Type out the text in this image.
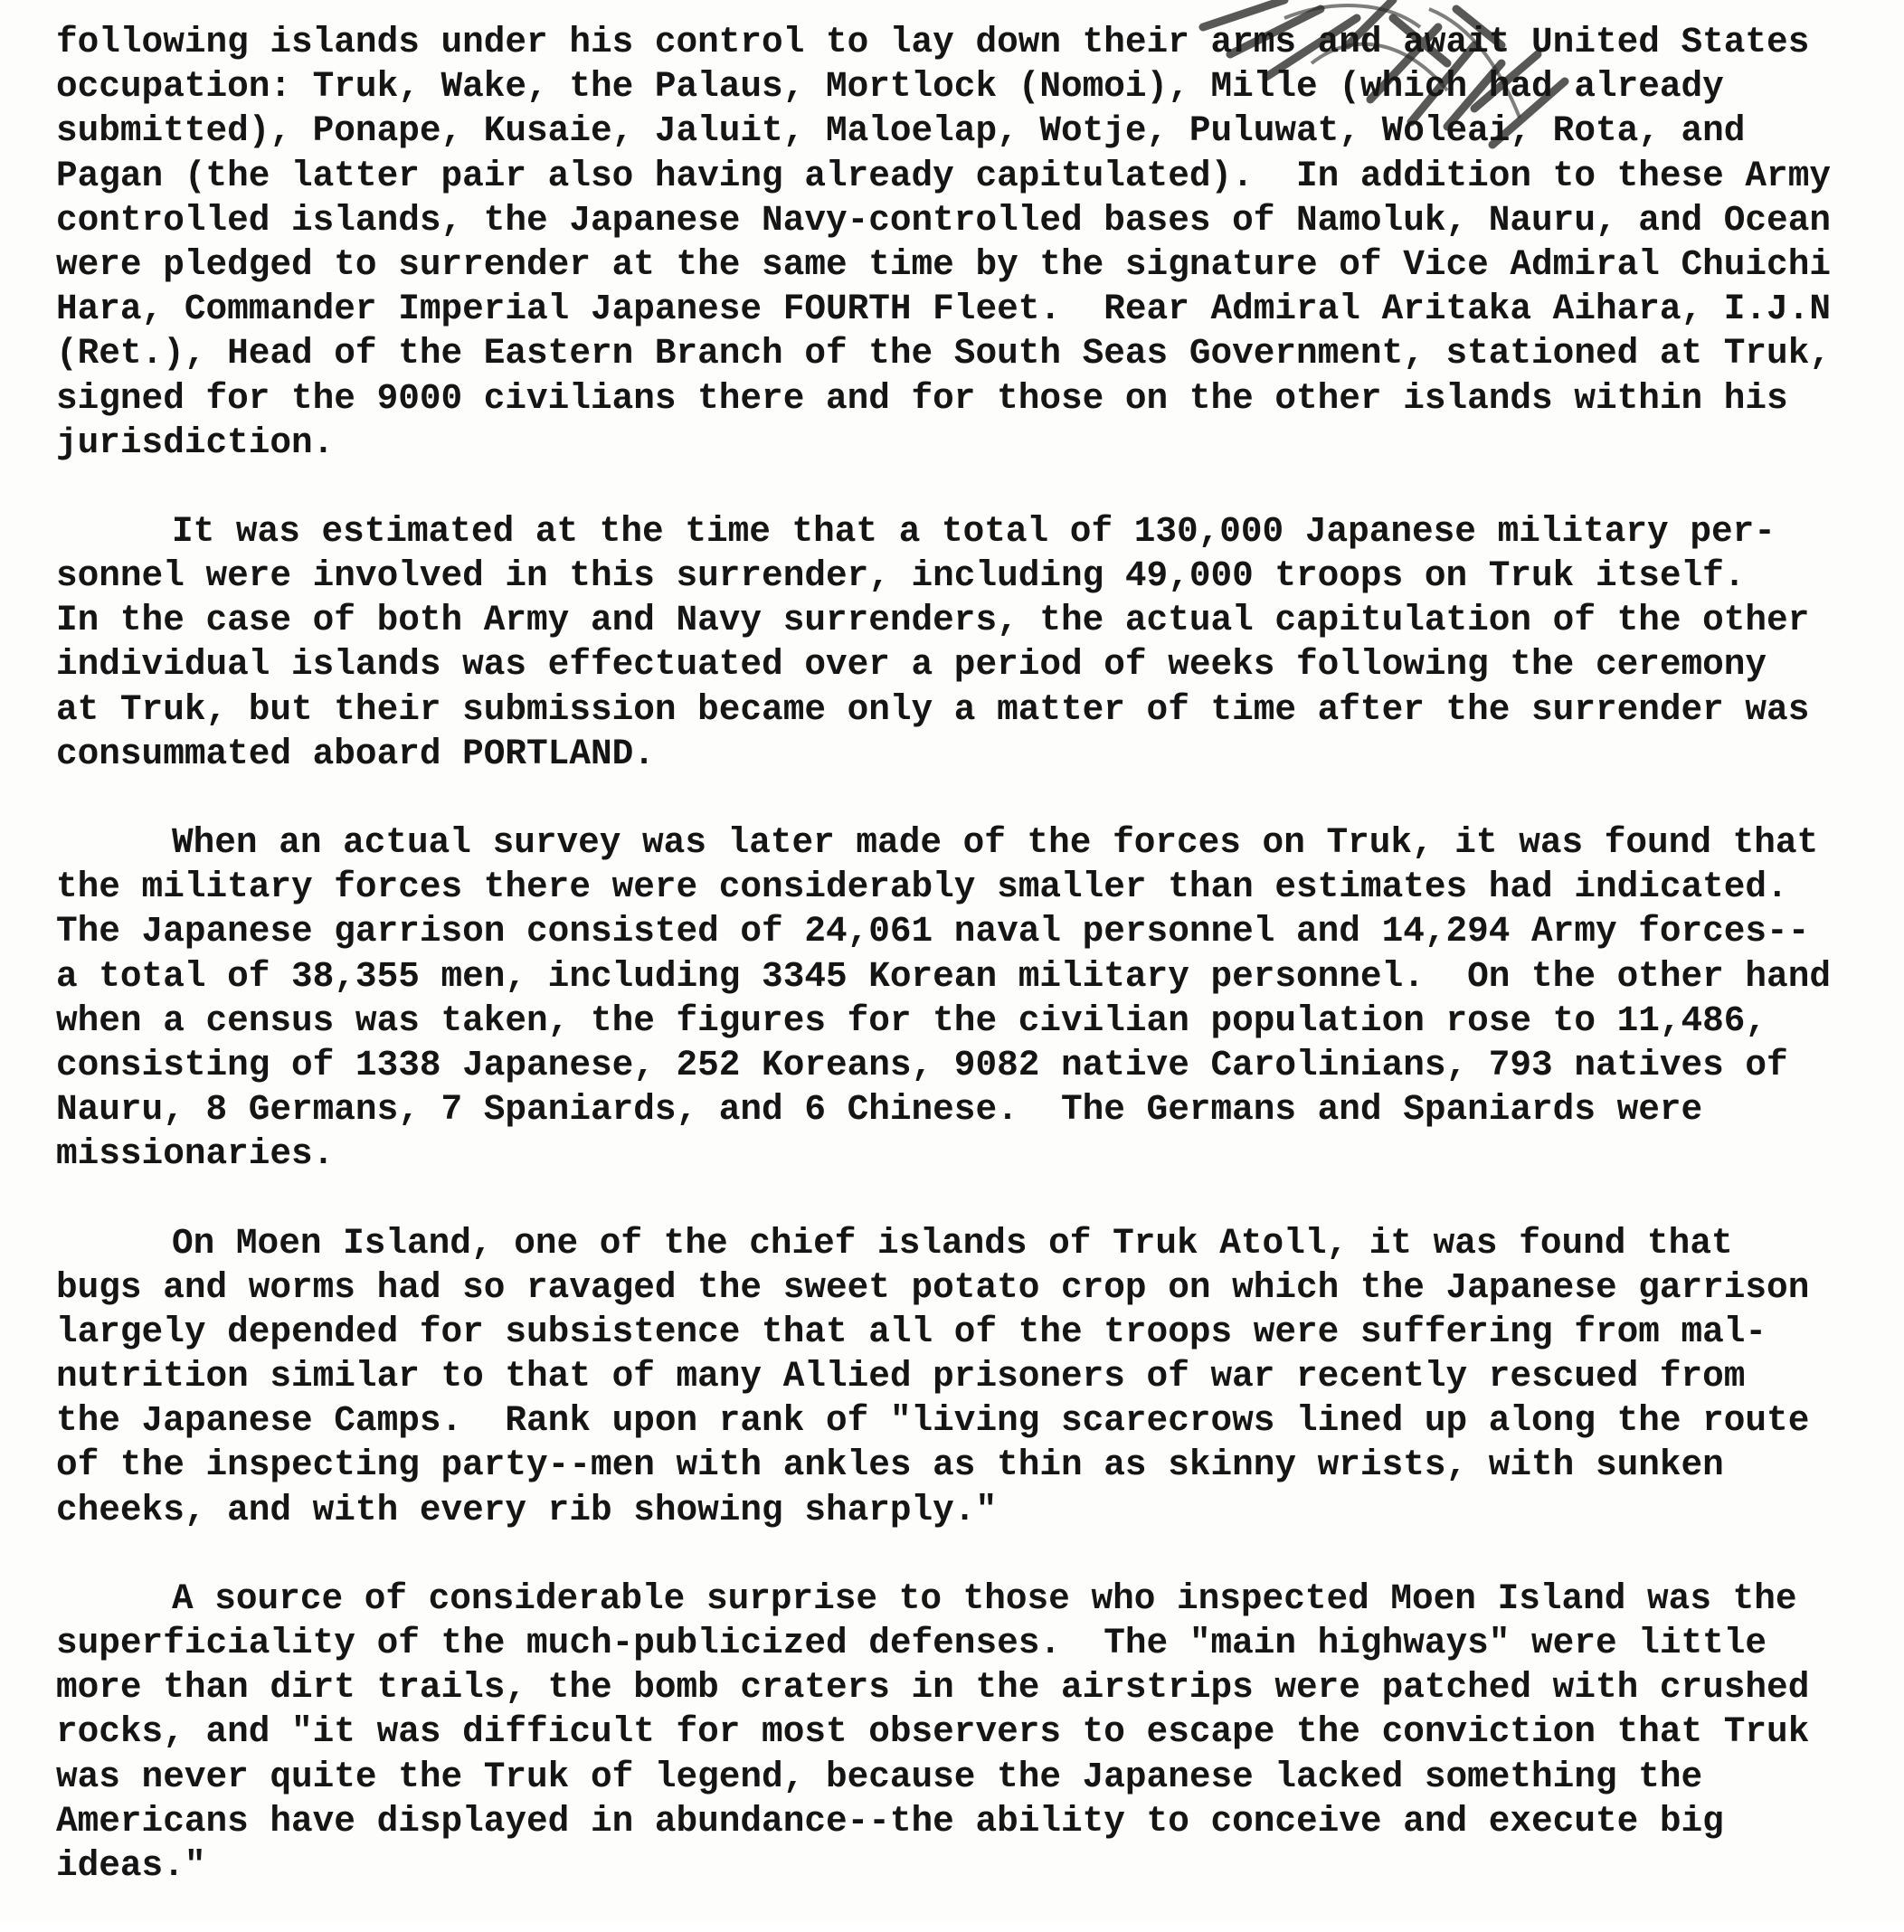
following islands under his control to lay down their arms and await United States
occupation: Truk, Wake, the Palaus, Mortlock (Nomoi), Mille (which had already
submitted), Ponape, Kusaie, Jaluit, Maloelap, Wotje, Puluwat, Woleai, Rota, and
Pagan (the latter pair also having already capitulated).  In addition to these Army
controlled islands, the Japanese Navy-controlled bases of Namoluk, Nauru, and Ocean
were pledged to surrender at the same time by the signature of Vice Admiral Chuichi
Hara, Commander Imperial Japanese FOURTH Fleet.  Rear Admiral Aritaka Aihara, I.J.N
(Ret.), Head of the Eastern Branch of the South Seas Government, stationed at Truk,
signed for the 9000 civilians there and for those on the other islands within his
jurisdiction.
It was estimated at the time that a total of 130,000 Japanese military per-
sonnel were involved in this surrender, including 49,000 troops on Truk itself.
In the case of both Army and Navy surrenders, the actual capitulation of the other
individual islands was effectuated over a period of weeks following the ceremony
at Truk, but their submission became only a matter of time after the surrender was
consummated aboard PORTLAND.
When an actual survey was later made of the forces on Truk, it was found that
the military forces there were considerably smaller than estimates had indicated.
The Japanese garrison consisted of 24,061 naval personnel and 14,294 Army forces--
a total of 38,355 men, including 3345 Korean military personnel.  On the other hand
when a census was taken, the figures for the civilian population rose to 11,486,
consisting of 1338 Japanese, 252 Koreans, 9082 native Carolinians, 793 natives of
Nauru, 8 Germans, 7 Spaniards, and 6 Chinese.  The Germans and Spaniards were
missionaries.
On Moen Island, one of the chief islands of Truk Atoll, it was found that
bugs and worms had so ravaged the sweet potato crop on which the Japanese garrison
largely depended for subsistence that all of the troops were suffering from mal-
nutrition similar to that of many Allied prisoners of war recently rescued from
the Japanese Camps.  Rank upon rank of "living scarecrows lined up along the route
of the inspecting party--men with ankles as thin as skinny wrists, with sunken
cheeks, and with every rib showing sharply."
A source of considerable surprise to those who inspected Moen Island was the
superficiality of the much-publicized defenses.  The "main highways" were little
more than dirt trails, the bomb craters in the airstrips were patched with crushed
rocks, and "it was difficult for most observers to escape the conviction that Truk
was never quite the Truk of legend, because the Japanese lacked something the
Americans have displayed in abundance--the ability to conceive and execute big
ideas."
